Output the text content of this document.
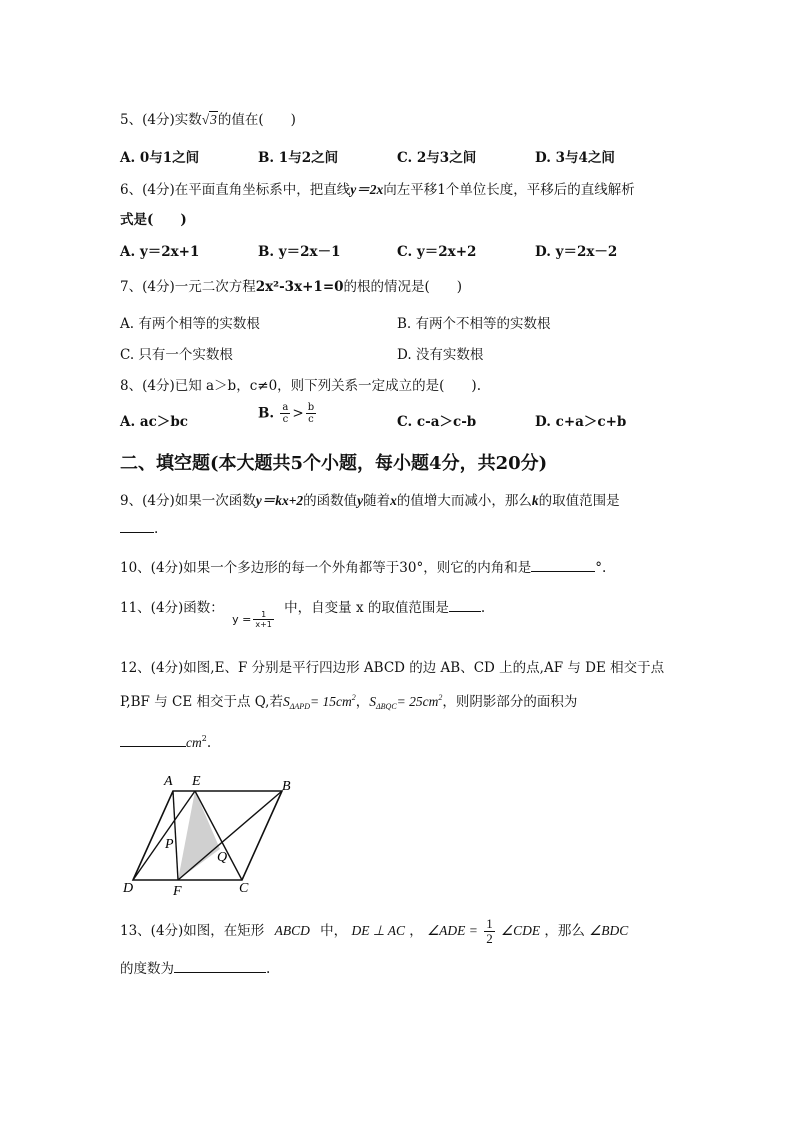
5、(4分)实数√3的值在(　　)
A. 0与1之间	B. 1与2之间	C. 2与3之间	D. 3与4之间
6、(4分)在平面直角坐标系中，把直线y＝2x向左平移1个单位长度，平移后的直线解析
式是(　　)
A. y＝2x+1	B. y＝2x－1	C. y＝2x+2	D. y＝2x－2
7、(4分)一元二次方程2x²-3x+1=0的根的情况是(　　)
A. 有两个相等的实数根	B. 有两个不相等的实数根
C. 只有一个实数根	D. 没有实数根
8、(4分)已知 a＞b，c≠0，则下列关系一定成立的是(　　).
A. ac＞bc
B. $\frac{a}{c} > \frac{b}{c}$	C. c-a＞c-b	D. c+a＞c+b
二、填空题(本大题共5个小题，每小题4分，共20分)
9、(4分)如果一次函数y＝kx+2的函数值y随着x的值增大而减小，那么k的取值范围是
.
10、(4分)如果一个多边形的每一个外角都等于30°，则它的内角和是	°.
11、(4分)函数： $y = \frac{1}{x+1}$
中，自变量 x 的取值范围是 .
12、(4分)如图,E、F 分别是平行四边形 ABCD 的边 AB、CD 上的点,AF 与 DE 相交于点
P,BF 与 CE 相交于点 Q,若$S_{\Delta APD}= 15cm^2$，$S_{\Delta BQC}= 25cm^2$，则阴影部分的面积为
$cm^2$.
A E	B
P
Q
D	F	C
13、(4分)如图，在矩形 ABCD 中， DE ⊥ AC ， ∠ADE = $\frac{1}{2}$ ∠CDE ，那么 ∠BDC
的度数为	.
